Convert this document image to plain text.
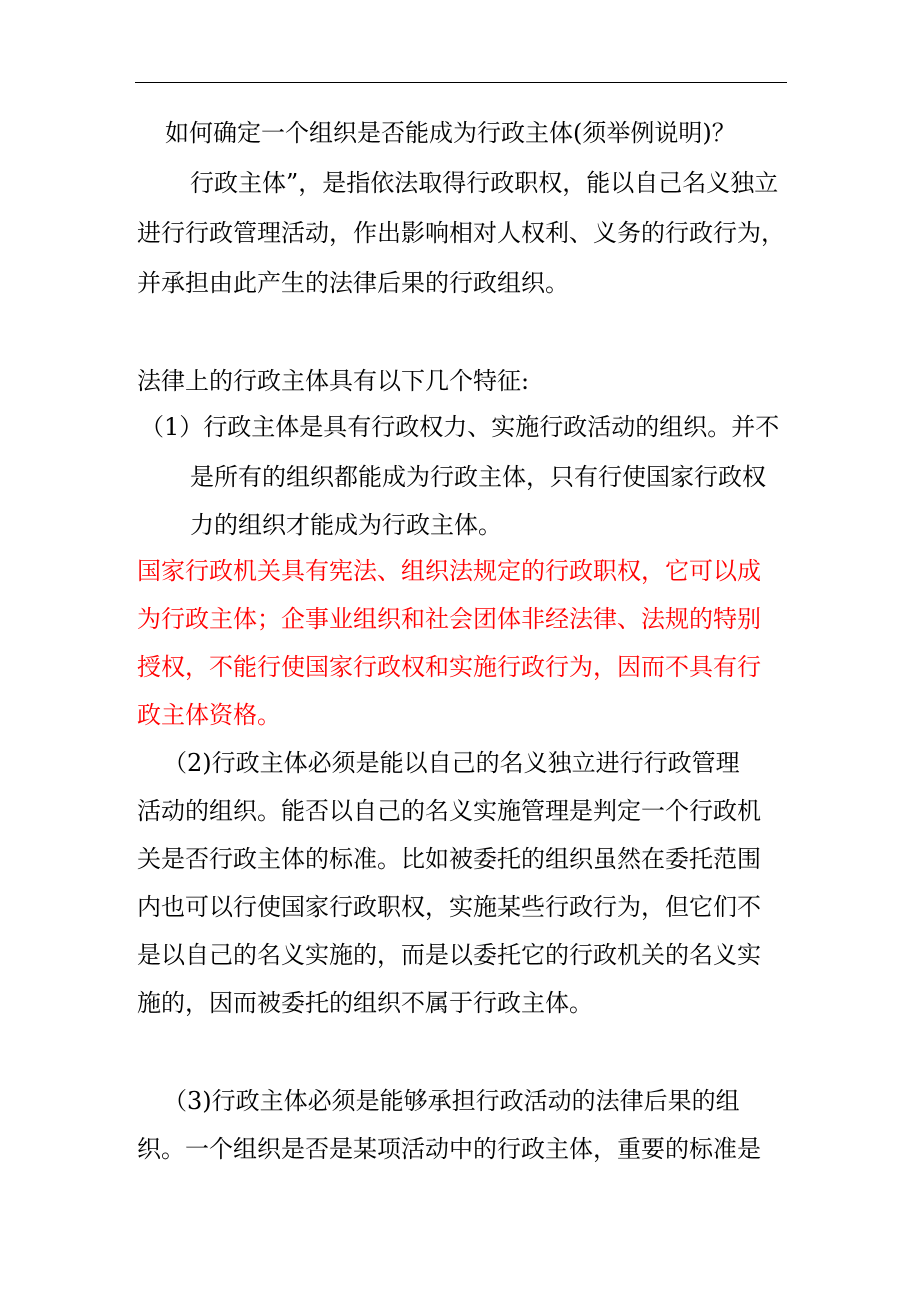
如何确定一个组织是否能成为行政主体(须举例说明)？

行政主体”，是指依法取得行政职权，能以自己名义独立

进行行政管理活动，作出影响相对人权利、义务的行政行为，

并承担由此产生的法律后果的行政组织。

法律上的行政主体具有以下几个特征:

（1）行政主体是具有行政权力、实施行政活动的组织。并不

是所有的组织都能成为行政主体，只有行使国家行政权

力的组织才能成为行政主体。

国家行政机关具有宪法、组织法规定的行政职权，它可以成

为行政主体；企事业组织和社会团体非经法律、法规的特别

授权，不能行使国家行政权和实施行政行为，因而不具有行

政主体资格。

（2)行政主体必须是能以自己的名义独立进行行政管理

活动的组织。能否以自己的名义实施管理是判定一个行政机

关是否行政主体的标准。比如被委托的组织虽然在委托范围

内也可以行使国家行政职权，实施某些行政行为，但它们不

是以自己的名义实施的，而是以委托它的行政机关的名义实

施的，因而被委托的组织不属于行政主体。

（3)行政主体必须是能够承担行政活动的法律后果的组

织。一个组织是否是某项活动中的行政主体，重要的标准是
